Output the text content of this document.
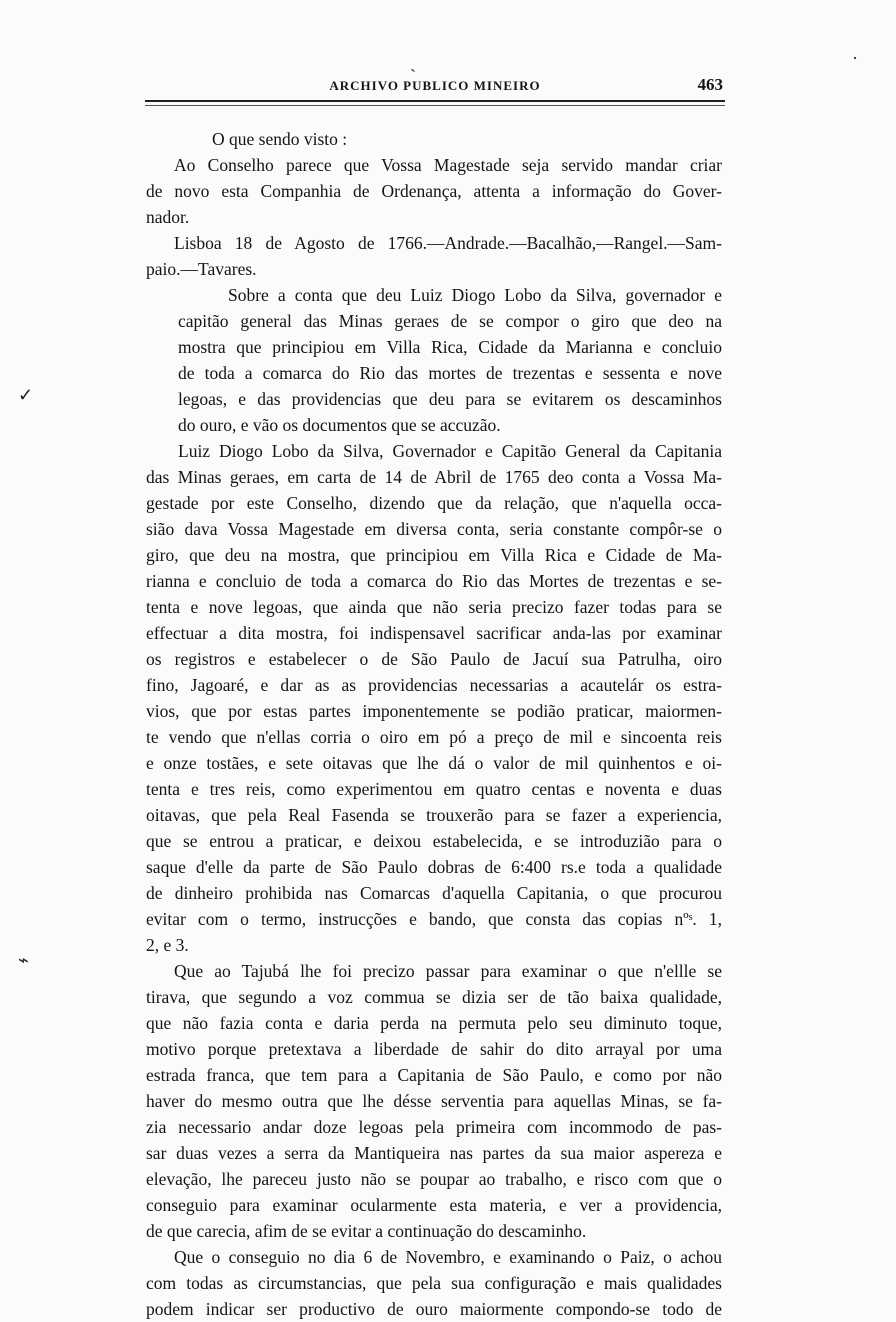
ARCHIVO PUBLICO MINEIRO	463
ˏ	·
✓
⌁
O que sendo visto :
Ao Conselho parece que Vossa Magestade seja servido mandar criar
de novo esta Companhia de Ordenança, attenta a informação do Gover-
nador.
Lisboa 18 de Agosto de 1766.—Andrade.—Bacalhão,—Rangel.—Sam-
paio.—Tavares.
Sobre a conta que deu Luiz Diogo Lobo da Silva, governador e
capitão general das Minas geraes de se compor o giro que deo na
mostra que principiou em Villa Rica, Cidade da Marianna e concluio
de toda a comarca do Rio das mortes de trezentas e sessenta e nove
legoas, e das providencias que deu para se evitarem os descaminhos
do ouro, e vão os documentos que se accuzão.
Luiz Diogo Lobo da Silva, Governador e Capitão General da Capitania
das Minas geraes, em carta de 14 de Abril de 1765 deo conta a Vossa Ma-
gestade por este Conselho, dizendo que da relação, que n'aquella occa-
sião dava Vossa Magestade em diversa conta, seria constante compôr-se o
giro, que deu na mostra, que principiou em Villa Rica e Cidade de Ma-
rianna e concluio de toda a comarca do Rio das Mortes de trezentas e se-
tenta e nove legoas, que ainda que não seria precizo fazer todas para se
effectuar a dita mostra, foi indispensavel sacrificar anda-las por examinar
os registros e estabelecer o de São Paulo de Jacuí sua Patrulha, oiro
fino, Jagoaré, e dar as as providencias necessarias a acautelár os estra-
vios, que por estas partes imponentemente se podião praticar, maiormen-
te vendo que n'ellas corria o oiro em pó a preço de mil e sincoenta reis
e onze tostães, e sete oitavas que lhe dá o valor de mil quinhentos e oi-
tenta e tres reis, como experimentou em quatro centas e noventa e duas
oitavas, que pela Real Fasenda se trouxerão para se fazer a experiencia,
que se entrou a praticar, e deixou estabelecida, e se introduzião para o
saque d'elle da parte de São Paulo dobras de 6:400 rs.e toda a qualidade
de dinheiro prohibida nas Comarcas d'aquella Capitania, o que procurou
evitar com o termo, instrucções e bando, que consta das copias nºˢ. 1,
2, e 3.
Que ao Tajubá lhe foi precizo passar para examinar o que n'ellle se
tirava, que segundo a voz commua se dizia ser de tão baixa qualidade,
que não fazia conta e daria perda na permuta pelo seu diminuto toque,
motivo porque pretextava a liberdade de sahir do dito arrayal por uma
estrada franca, que tem para a Capitania de São Paulo, e como por não
haver do mesmo outra que lhe désse serventia para aquellas Minas, se fa-
zia necessario andar doze legoas pela primeira com incommodo de pas-
sar duas vezes a serra da Mantiqueira nas partes da sua maior aspereza e
elevação, lhe pareceu justo não se poupar ao trabalho, e risco com que o
conseguio para examinar ocularmente esta materia, e ver a providencia,
de que carecia, afim de se evitar a continuação do descaminho.
Que o conseguio no dia 6 de Novembro, e examinando o Paiz, o achou
com todas as circumstancias, que pela sua configuração e mais qualidades
podem indicar ser productivo de ouro maiormente compondo-se todo de
